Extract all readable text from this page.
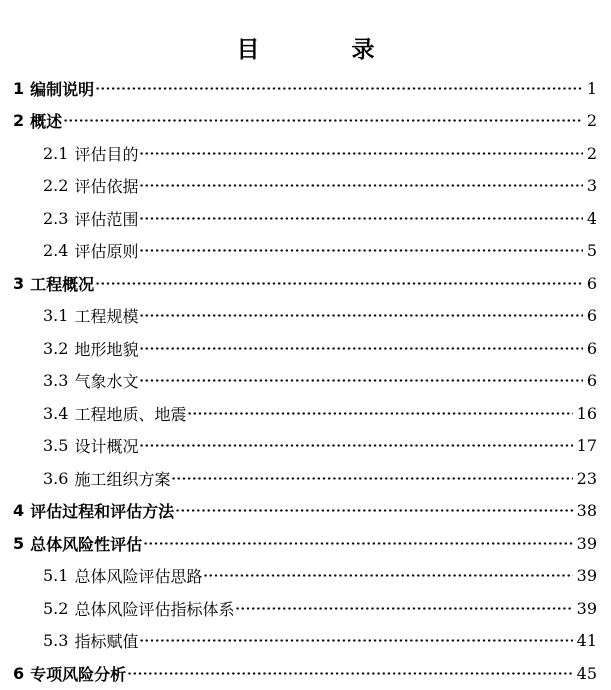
目 录
1 编制说明	1
2 概述	2
2.1 评估目的	2
2.2 评估依据	3
2.3 评估范围	4
2.4 评估原则	5
3 工程概况	6
3.1 工程规模	6
3.2 地形地貌	6
3.3 气象水文	6
3.4 工程地质、地震	16
3.5 设计概况	17
3.6 施工组织方案	23
4 评估过程和评估方法	38
5 总体风险性评估	39
5.1 总体风险评估思路	39
5.2 总体风险评估指标体系	39
5.3 指标赋值	41
6 专项风险分析	45
